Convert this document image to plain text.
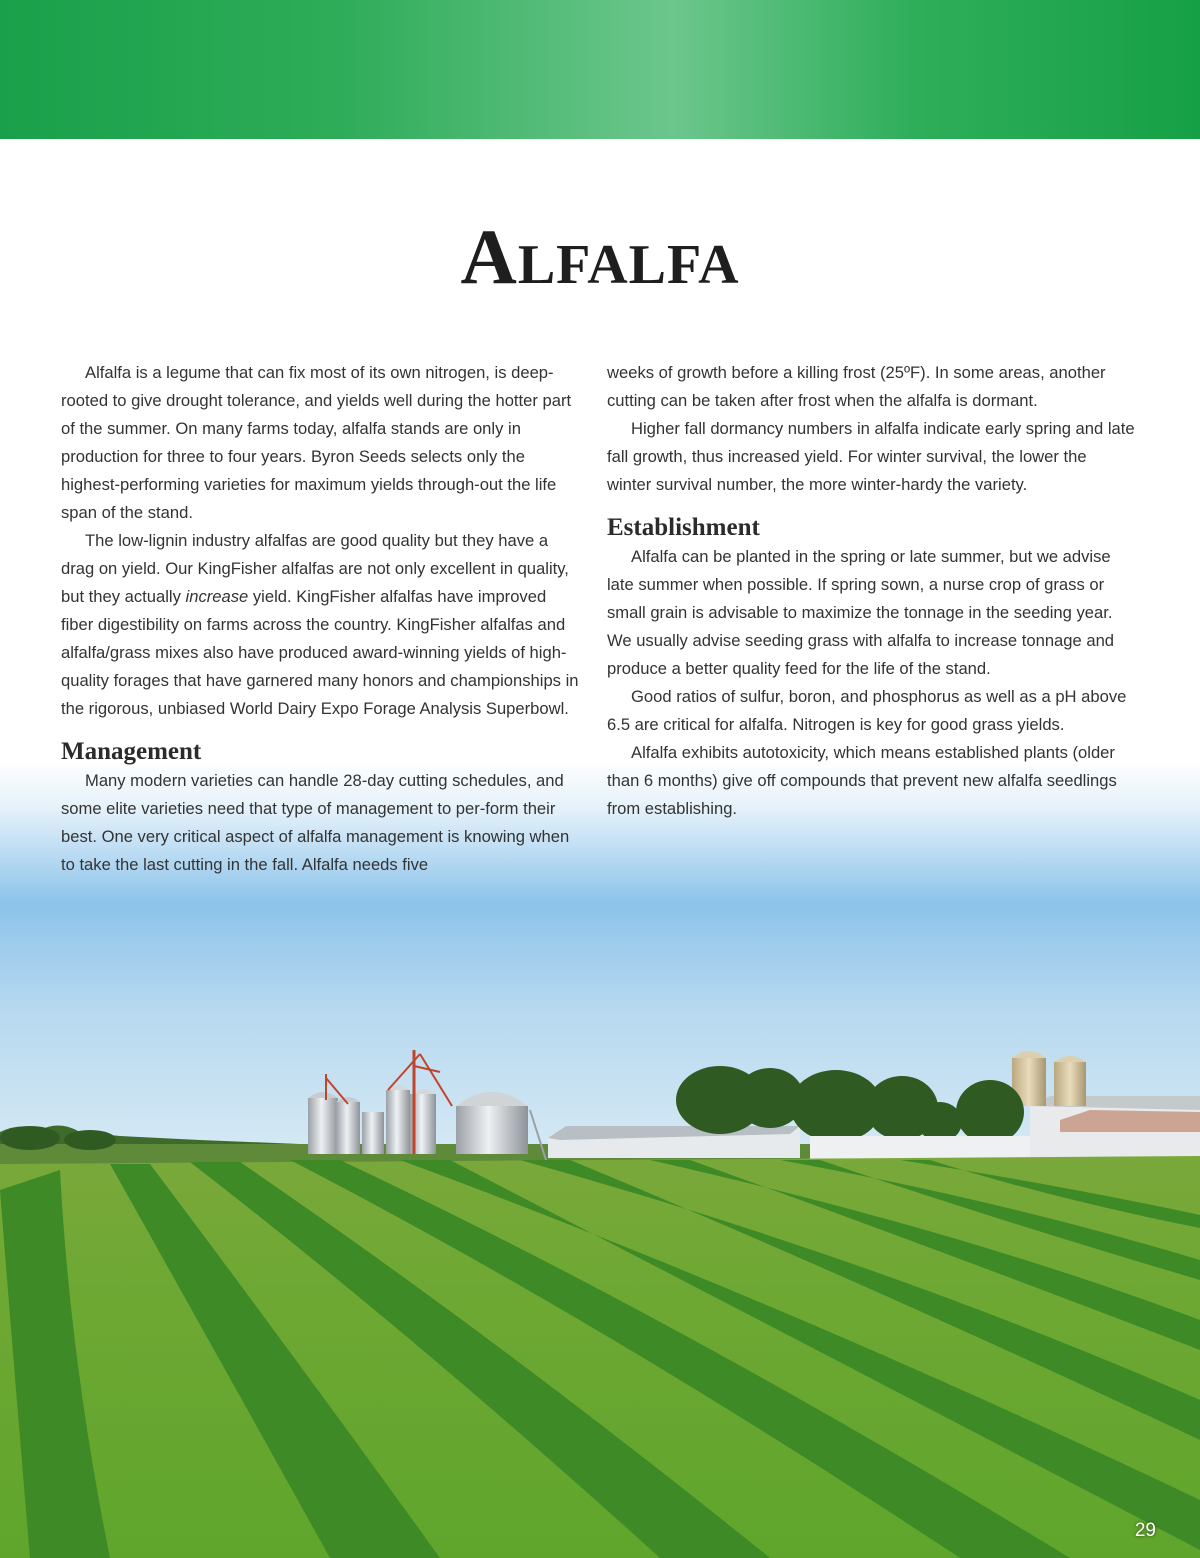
ALFALFA

Alfalfa is a legume that can fix most of its own nitrogen, is deep-rooted to give drought tolerance, and yields well during the hotter part of the summer. On many farms today, alfalfa stands are only in production for three to four years. Byron Seeds selects only the highest-performing varieties for maximum yields through-out the life span of the stand.

The low-lignin industry alfalfas are good quality but they have a drag on yield. Our KingFisher alfalfas are not only excellent in quality, but they actually increase yield. KingFisher alfalfas have improved fiber digestibility on farms across the country. KingFisher alfalfas and alfalfa/grass mixes also have produced award-winning yields of high-quality forages that have garnered many honors and championships in the rigorous, unbiased World Dairy Expo Forage Analysis Superbowl.

Management

Many modern varieties can handle 28-day cutting schedules, and some elite varieties need that type of management to per-form their best. One very critical aspect of alfalfa management is knowing when to take the last cutting in the fall. Alfalfa needs five

weeks of growth before a killing frost (25ºF). In some areas, another cutting can be taken after frost when the alfalfa is dormant.

Higher fall dormancy numbers in alfalfa indicate early spring and late fall growth, thus increased yield. For winter survival, the lower the winter survival number, the more winter-hardy the variety.

Establishment

Alfalfa can be planted in the spring or late summer, but we advise late summer when possible. If spring sown, a nurse crop of grass or small grain is advisable to maximize the tonnage in the seeding year. We usually advise seeding grass with alfalfa to increase tonnage and produce a better quality feed for the life of the stand.

Good ratios of sulfur, boron, and phosphorus as well as a pH above 6.5 are critical for alfalfa. Nitrogen is key for good grass yields.

Alfalfa exhibits autotoxicity, which means established plants (older than 6 months) give off compounds that prevent new alfalfa seedlings from establishing.

29
